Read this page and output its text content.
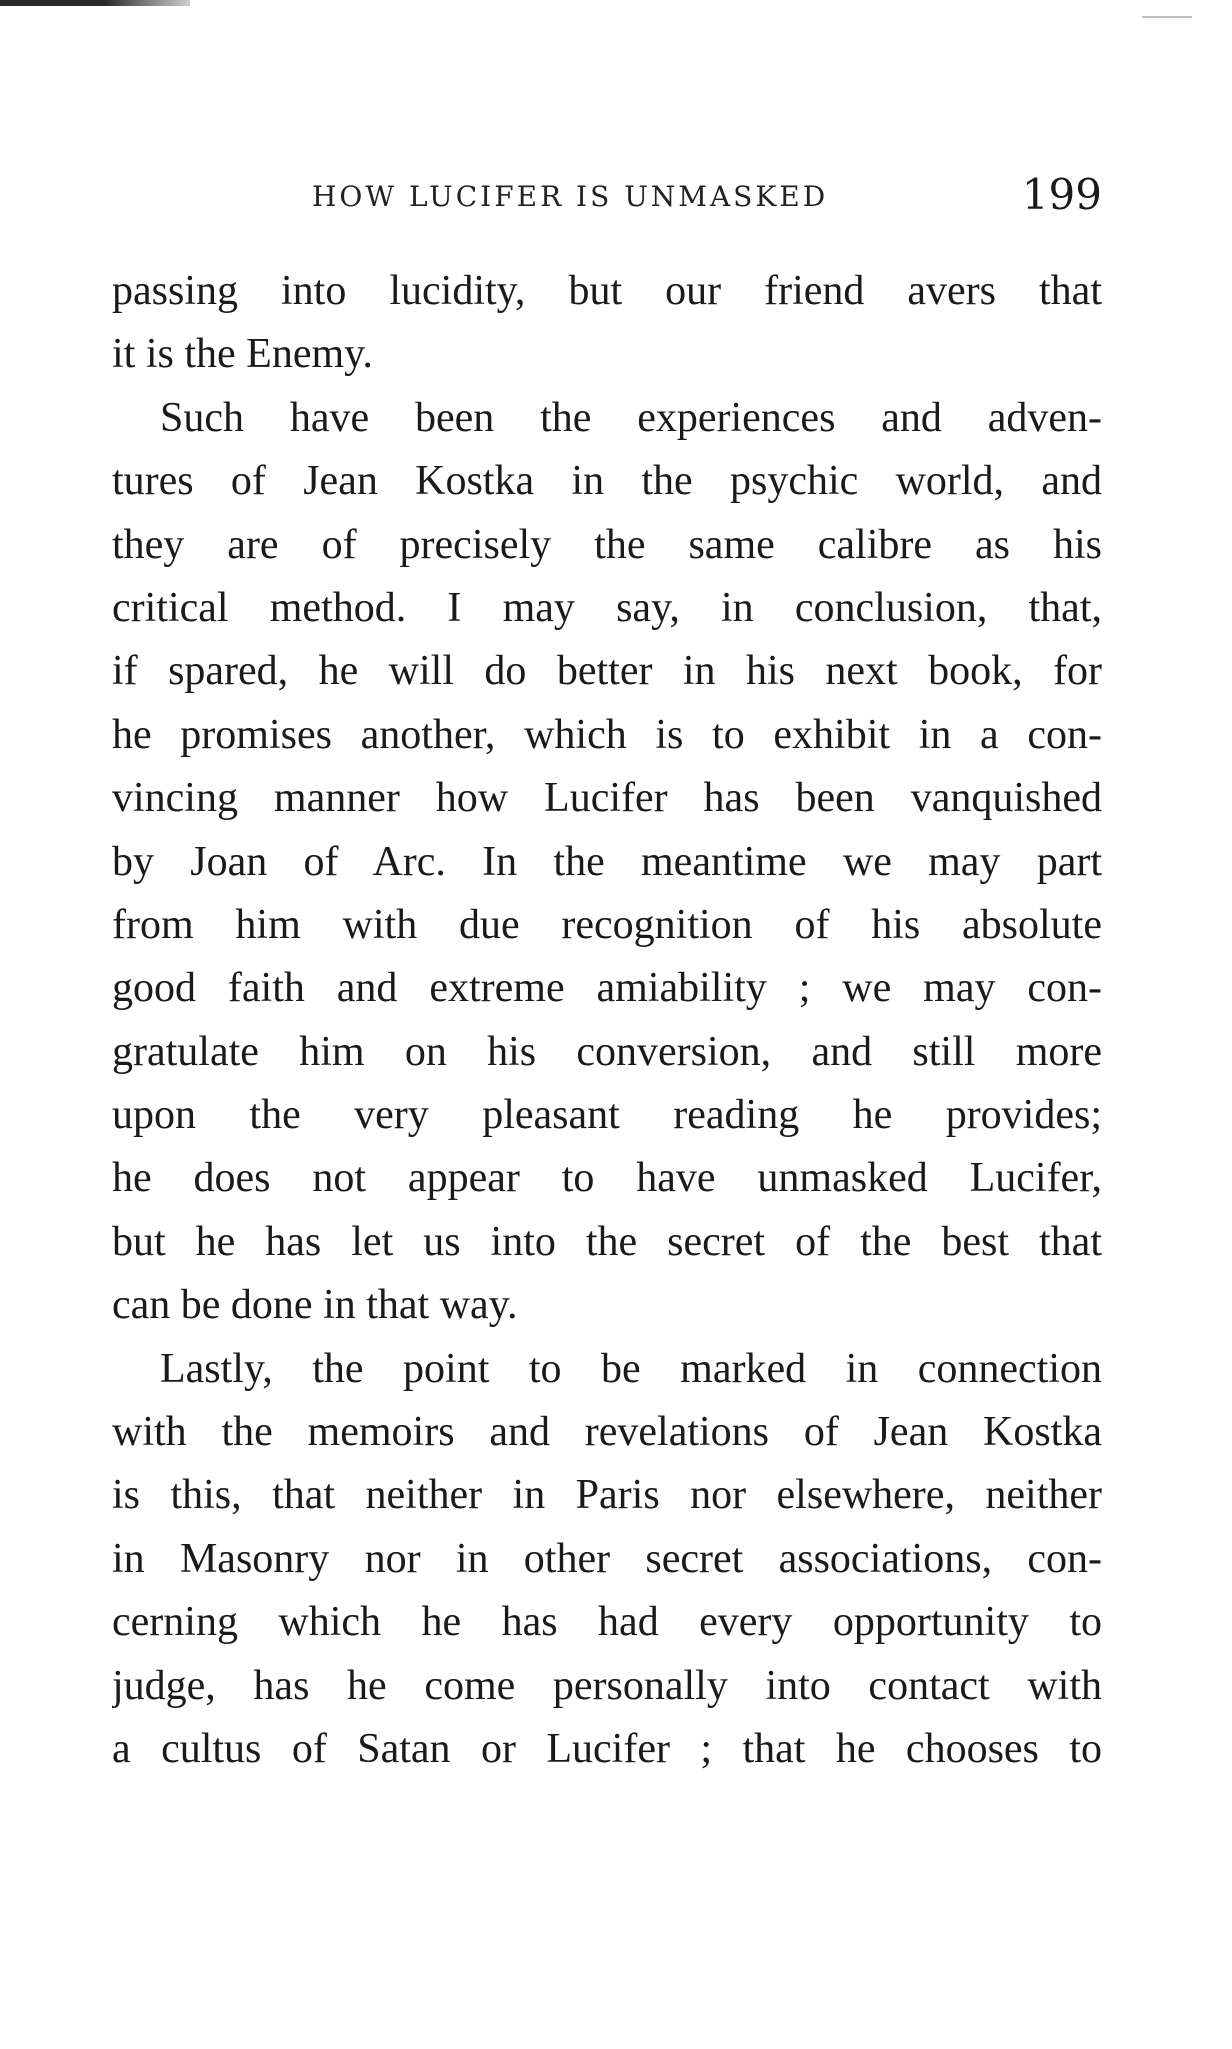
HOW LUCIFER IS UNMASKED	199
passing into lucidity, but our friend avers that
it is the Enemy.
Such have been the experiences and adven-
tures of Jean Kostka in the psychic world, and
they are of precisely the same calibre as his
critical method. I may say, in conclusion, that,
if spared, he will do better in his next book, for
he promises another, which is to exhibit in a con-
vincing manner how Lucifer has been vanquished
by Joan of Arc. In the meantime we may part
from him with due recognition of his absolute
good faith and extreme amiability ; we may con-
gratulate him on his conversion, and still more
upon the very pleasant reading he provides;
he does not appear to have unmasked Lucifer,
but he has let us into the secret of the best that
can be done in that way.
Lastly, the point to be marked in connection
with the memoirs and revelations of Jean Kostka
is this, that neither in Paris nor elsewhere, neither
in Masonry nor in other secret associations, con-
cerning which he has had every opportunity to
judge, has he come personally into contact with
a cultus of Satan or Lucifer ; that he chooses to
